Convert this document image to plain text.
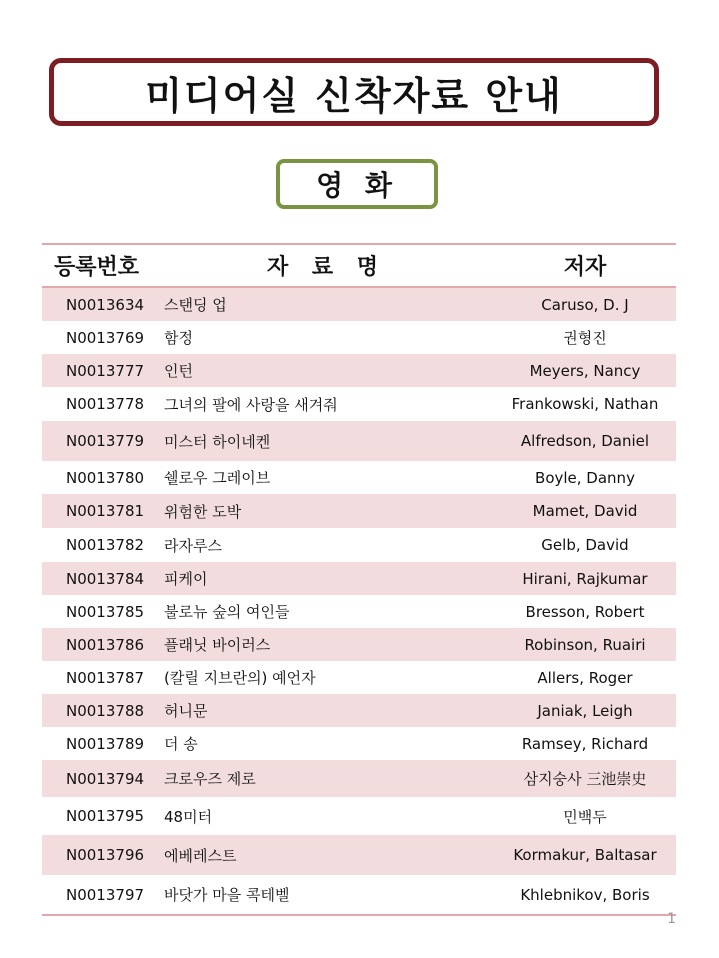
미디어실 신착자료 안내
영 화
등록번호	자 료 명	저자
N0013634	스탠딩 업	Caruso, D. J
N0013769	함정	권형진
N0013777	인턴	Meyers, Nancy
N0013778	그녀의 팔에 사랑을 새겨줘	Frankowski, Nathan
N0013779	미스터 하이네켄	Alfredson, Daniel
N0013780	쉘로우 그레이브	Boyle, Danny
N0013781	위험한 도박	Mamet, David
N0013782	라자루스	Gelb, David
N0013784	피케이	Hirani, Rajkumar
N0013785	불로뉴 숲의 여인들	Bresson, Robert
N0013786	플래닛 바이러스	Robinson, Ruairi
N0013787	(칼릴 지브란의) 예언자	Allers, Roger
N0013788	허니문	Janiak, Leigh
N0013789	더 송	Ramsey, Richard
N0013794	크로우즈 제로	삼지숭사 三池崇史
N0013795	48미터	민백두
N0013796	에베레스트	Kormakur, Baltasar
N0013797	바닷가 마을 콕테벨	Khlebnikov, Boris
1
